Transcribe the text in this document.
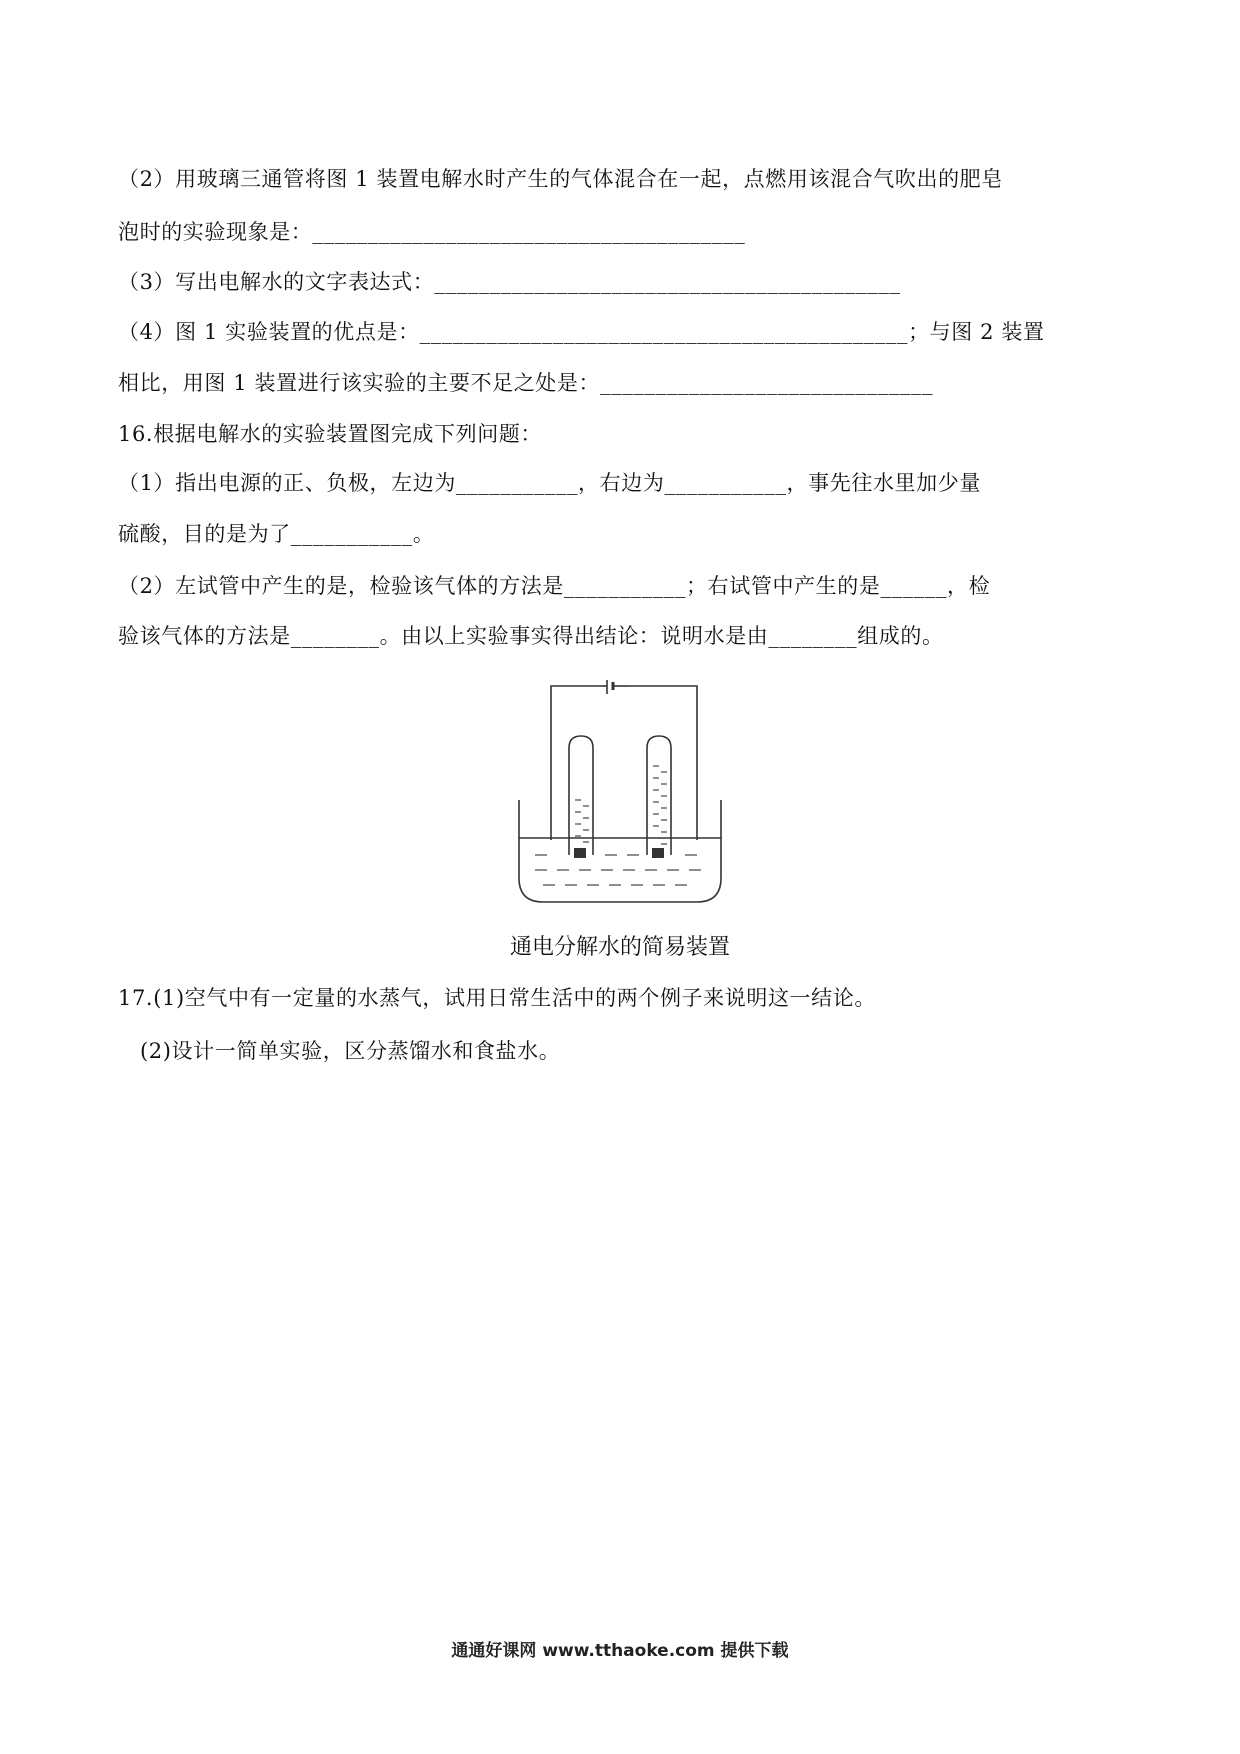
（2）用玻璃三通管将图 1 装置电解水时产生的气体混合在一起，点燃用该混合气吹出的肥皂
泡时的实验现象是：_______________________________________
（3）写出电解水的文字表达式：__________________________________________
（4）图 1 实验装置的优点是：____________________________________________；与图 2 装置
相比，用图 1 装置进行该实验的主要不足之处是：______________________________
16.根据电解水的实验装置图完成下列问题：
（1）指出电源的正、负极，左边为___________，右边为___________，事先往水里加少量
硫酸，目的是为了___________。
（2）左试管中产生的是，检验该气体的方法是___________；右试管中产生的是______，检
验该气体的方法是________。由以上实验事实得出结论：说明水是由________组成的。
通电分解水的简易装置
17.(1)空气中有一定量的水蒸气，试用日常生活中的两个例子来说明这一结论。
(2)设计一简单实验，区分蒸馏水和食盐水。
通通好课网 www.tthaoke.com 提供下载
